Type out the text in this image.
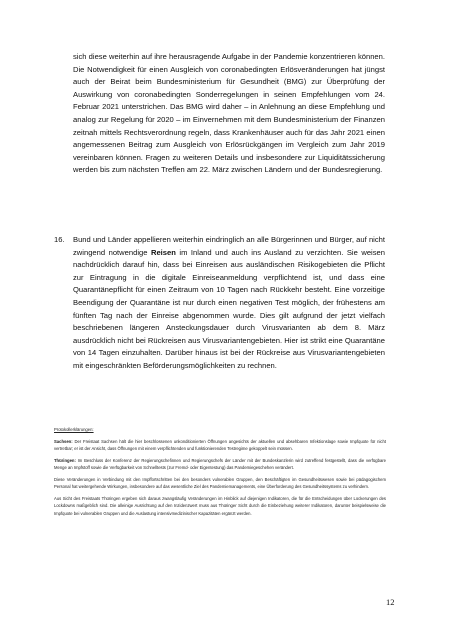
sich diese weiterhin auf ihre herausragende Aufgabe in der Pandemie konzentrieren können. Die Notwendigkeit für einen Ausgleich von coronabedingten Erlösveränderungen hat jüngst auch der Beirat beim Bundesministerium für Gesundheit (BMG) zur Überprüfung der Auswirkung von coronabedingten Sonderregelungen in seinen Empfehlungen vom 24. Februar 2021 unterstrichen. Das BMG wird daher – in Anlehnung an diese Empfehlung und analog zur Regelung für 2020 – im Einvernehmen mit dem Bundesministerium der Finanzen zeitnah mittels Rechtsverordnung regeln, dass Krankenhäuser auch für das Jahr 2021 einen angemessenen Beitrag zum Ausgleich von Erlösrückgängen im Vergleich zum Jahr 2019 vereinbaren können. Fragen zu weiteren Details und insbesondere zur Liquiditätssicherung werden bis zum nächsten Treffen am 22. März zwischen Ländern und der Bundesregierung.

16. Bund und Länder appellieren weiterhin eindringlich an alle Bürgerinnen und Bürger, auf nicht zwingend notwendige Reisen im Inland und auch ins Ausland zu verzichten. Sie weisen nachdrücklich darauf hin, dass bei Einreisen aus ausländischen Risikogebieten die Pflicht zur Eintragung in die digitale Einreiseanmeldung verpflichtend ist, und dass eine Quarantänepflicht für einen Zeitraum von 10 Tagen nach Rückkehr besteht. Eine vorzeitige Beendigung der Quarantäne ist nur durch einen negativen Test möglich, der frühestens am fünften Tag nach der Einreise abgenommen wurde. Dies gilt aufgrund der jetzt vielfach beschriebenen längeren Ansteckungsdauer durch Virusvarianten ab dem 8. März ausdrücklich nicht bei Rückreisen aus Virusvariantengebieten. Hier ist strikt eine Quarantäne von 14 Tagen einzuhalten. Darüber hinaus ist bei der Rückreise aus Virusvariantengebieten mit eingeschränkten Beförderungsmöglichkeiten zu rechnen.

Protokollerklärungen:

Sachsen: Der Freistaat Sachsen hält die hier beschlossenen unkonditionierten Öffnungen angesichts der aktuellen und absehbaren Infektionslage sowie Impfquote für nicht vertretbar; er ist der Ansicht, dass Öffnungen mit einem verpflichtenden und funktionierenden Testregime gekoppelt sein müssen.

Thüringen: Im Beschluss der Konferenz der Regierungschefinnen und Regierungschefs der Länder mit der Bundeskanzlerin wird zutreffend festgestellt, dass die verfügbare Menge an Impfstoff sowie die Verfügbarkeit von Schnelltests (zur Fremd- oder Eigentestung) das Pandemiegeschehen verändert.

Diese Veränderungen in Verbindung mit den Impffortschritten bei den besonders vulnerablen Gruppen, den Beschäftigten im Gesundheitswesen sowie bei pädagogischem Personal hat weitergehende Wirkungen, insbesondere auf das wesentliche Ziel des Pandemiemanagements, eine Überforderung des Gesundheitssystems zu verhindern.

Aus Sicht des Freistaats Thüringen ergeben sich daraus zwangsläufig Veränderungen im Hinblick auf diejenigen Indikatoren, die für die Entscheidungen über Lockerungen des Lockdowns maßgeblich sind. Die alleinige Ausrichtung auf den Inzidenzwert muss aus Thüringer Sicht durch die Einbeziehung weiterer Indikatoren, darunter beispielsweise die Impfquote bei vulnerablen Gruppen und die Auslastung intensivmedizinischer Kapazitäten ergänzt werden.

12
